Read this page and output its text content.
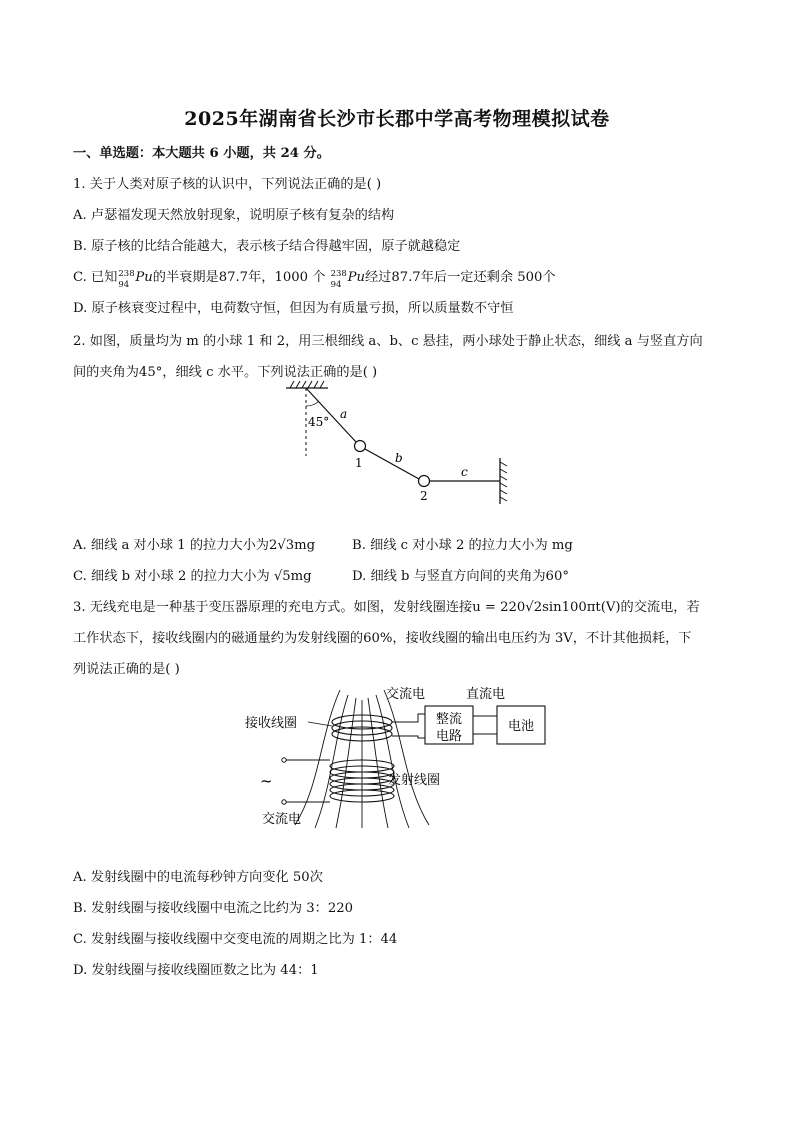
2025年湖南省长沙市长郡中学高考物理模拟试卷
一、单选题：本大题共 6 小题，共 24 分。
1. 关于人类对原子核的认识中，下列说法正确的是( )
A. 卢瑟福发现天然放射现象，说明原子核有复杂的结构
B. 原子核的比结合能越大，表示核子结合得越牢固，原子就越稳定
C. 已知 238
94 Pu的半衰期是87.7年，1000 个 238
94 Pu经过87.7年后一定还剩余 500个
D. 原子核衰变过程中，电荷数守恒，但因为有质量亏损，所以质量数不守恒
2. 如图，质量均为 m 的小球 1 和 2，用三根细线 a、b、c 悬挂，两小球处于静止状态，细线 a 与竖直方向
间的夹角为45°，细线 c 水平。下列说法正确的是( )
45°
a
1	b
2
c
A. 细线 a 对小球 1 的拉力大小为2√3mg	B. 细线 c 对小球 2 的拉力大小为 mg
C. 细线 b 对小球 2 的拉力大小为 √5mg	D. 细线 b 与竖直方向间的夹角为60°
3. 无线充电是一种基于变压器原理的充电方式。如图，发射线圈连接u = 220√2sin100πt(V)的交流电，若
工作状态下，接收线圈内的磁通量约为发射线圈的60%，接收线圈的输出电压约为 3V，不计其他损耗，下
列说法正确的是( )
接收线圈
交流电	直流电
整流
电路
电池
发射线圈
~
交流电
A. 发射线圈中的电流每秒钟方向变化 50次
B. 发射线圈与接收线圈中电流之比约为 3：220
C. 发射线圈与接收线圈中交变电流的周期之比为 1：44
D. 发射线圈与接收线圈匝数之比为 44：1
